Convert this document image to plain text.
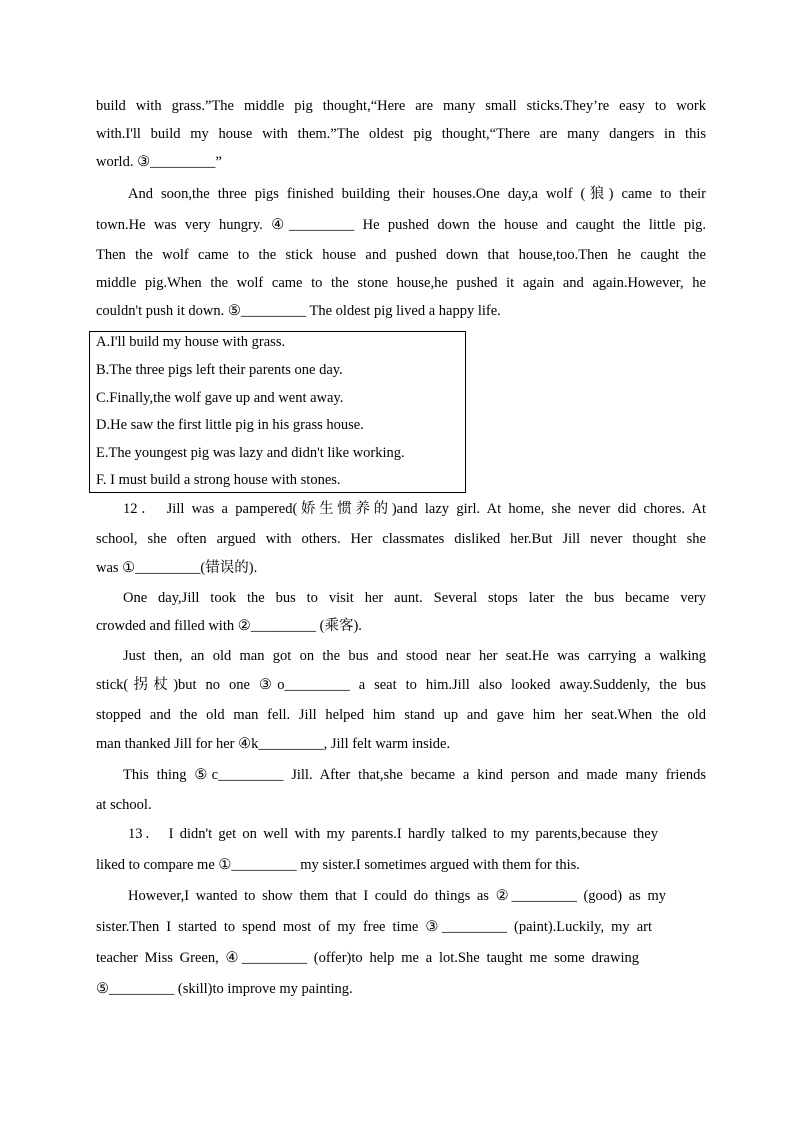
build with grass.”The middle pig thought,“Here are many small sticks.They’re easy to work
with.I'll build my house with them.”The oldest pig thought,“There are many dangers in this
world. ③_________”
And soon,the three pigs finished building their houses.One day,a wolf (狼) came to their
town.He was very hungry. ④_________ He pushed down the house and caught the little pig.
Then the wolf came to the stick house and pushed down that house,too.Then he caught the
middle pig.When the wolf came to the stone house,he pushed it again and again.However, he
couldn't push it down. ⑤_________ The oldest pig lived a happy life.
A.I'll build my house with grass.
B.The three pigs left their parents one day.
C.Finally,the wolf gave up and went away.
D.He saw the first little pig in his grass house.
E.The youngest pig was lazy and didn't like working.
F. I must build a strong house with stones.
12． Jill was a pampered(娇生惯养的)and lazy girl. At home, she never did chores. At
school, she often argued with others. Her classmates disliked her.But Jill never thought she
was ①_________(错误的).
One day,Jill took the bus to visit her aunt. Several stops later the bus became very
crowded and filled with ②_________ (乘客).
Just then, an old man got on the bus and stood near her seat.He was carrying a walking
stick(拐杖)but no one ③o_________ a seat to him.Jill also looked away.Suddenly, the bus
stopped and the old man fell. Jill helped him stand up and gave him her seat.When the old
man thanked Jill for her ④k_________, Jill felt warm inside.
This thing ⑤c_________ Jill. After that,she became a kind person and made many friends
at school.
13． I didn't get on well with my parents.I hardly talked to my parents,because they
liked to compare me ①_________ my sister.I sometimes argued with them for this.
However,I wanted to show them that I could do things as ②_________ (good) as my
sister.Then I started to spend most of my free time ③_________ (paint).Luckily, my art
teacher Miss Green, ④_________ (offer)to help me a lot.She taught me some drawing
⑤_________ (skill)to improve my painting.
